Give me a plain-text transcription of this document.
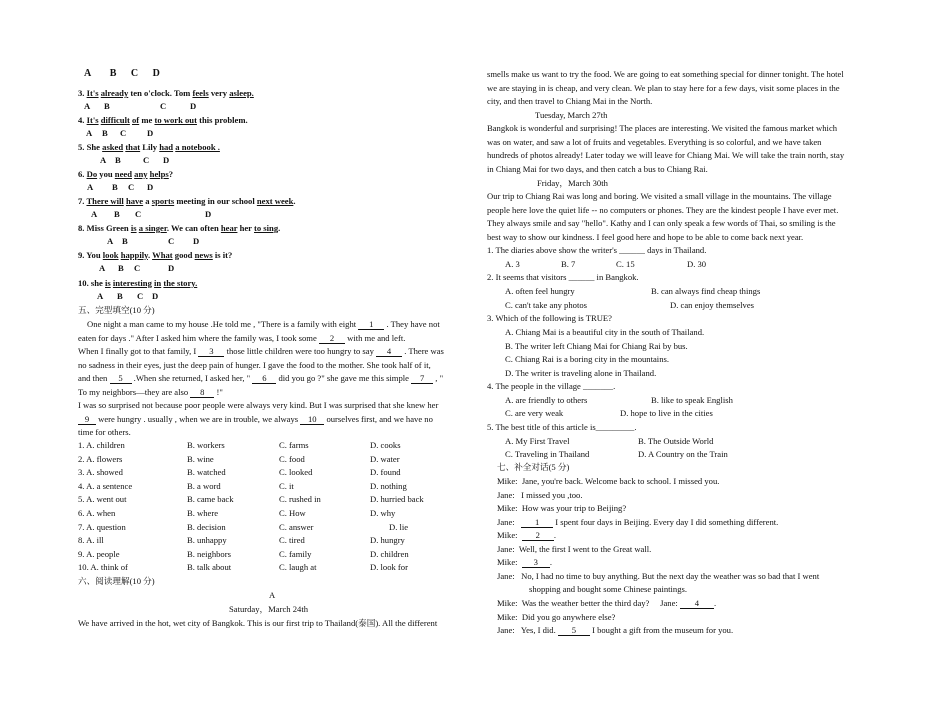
A B C D
3. It's already ten o'clock. Tom feels very asleep.
A B	C	D
4. It's difficult of me to work out this problem.
A B C D
5. She asked that Lily had a notebook .
A B	C D
6. Do you need any helps?
A B C D
7. There will have a sports meeting in our school next week.
A B C	D
8. Miss Green is a singer. We can often hear her to sing.
A B	C D
9. You look happily. What good news is it?
A B C	D
10. she is interesting in the story.
A B C D
五、完型填空(10 分)
One night a man came to my house .He told me , "There is a family with eight 1 . They have not
eaten for days ." After I asked him where the family was, I took some 2 with me and left.
When I finally got to that family, I 3 those little children were too hungry to say 4 . There was
no sadness in their eyes, just the deep pain of hunger. I gave the food to the mother. She took half of it,
and then 5 .When she returned, I asked her, " 6 did you go ?" she gave me this simple 7 , "
To my neighbors—they are also 8 !"
I was so surprised not because poor people were always very kind. But I was surprised that she knew her
9 were hungry . usually , when we are in trouble, we always 10 ourselves first, and we have no
time for others.
1. A. children	B. workers	C. farms	D. cooks
2. A. flowers	B. wine	C. food	D. water
3. A. showed	B. watched	C. looked	D. found
4. A. a sentence	B. a word	C. it	D. nothing
5. A. went out	B. came back	C. rushed in	D. hurried back
6. A. when	B. where	C. How	D. why
7. A. question	B. decision	C. answer	D. lie
8. A. ill	B. unhappy	C. tired	D. hungry
9. A. people	B. neighbors	C. family	D. children
10. A. think of	B. talk about	C. laugh at	D. look for
六、阅读理解(10 分)
A
Saturday，March 24th
We have arrived in the hot, wet city of Bangkok. This is our first trip to Thailand(泰国). All the different
smells make us want to try the food. We are going to eat something special for dinner tonight. The hotel
we are staying in is cheap, and very clean. We plan to stay here for a few days, visit some places in the
city, and then travel to Chiang Mai in the North.
Tuesday, March 27th
Bangkok is wonderful and surprising! The places are interesting. We visited the famous market which
was on water, and saw a lot of fruits and vegetables. Everything is so colorful, and we have taken
hundreds of photos already! Later today we will leave for Chiang Mai. We will take the train north, stay
in Chiang Mai for two days, and then catch a bus to Chiang Rai.
Friday，March 30th
Our trip to Chiang Rai was long and boring. We visited a small village in the mountains. The village
people here love the quiet life -- no computers or phones. They are the kindest people I have ever met.
They always smile and say "hello". Kathy and I can only speak a few words of Thai, so smiling is the
best way to show our kindness. I feel good here and hope to be able to come back next year.
1. The diaries above show the writer's ______ days in Thailand.
A. 3	B. 7	C. 15	D. 30
2. It seems that visitors ______ in Bangkok.
A. often feel hungry	B. can always find cheap things
C. can't take any photos	D. can enjoy themselves
3. Which of the following is TRUE?
A. Chiang Mai is a beautiful city in the south of Thailand.
B. The writer left Chiang Mai for Chiang Rai by bus.
C. Chiang Rai is a boring city in the mountains.
D. The writer is traveling alone in Thailand.
4. The people in the village _______.
A. are friendly to others	B. like to speak English
C. are very weak	D. hope to live in the cities
5. The best title of this article is_________.
A. My First Travel	B. The Outside World
C. Traveling in Thailand	D. A Country on the Train
七、补全对话(5 分)
Mike: Jane, you're back. Welcome back to school. I missed you.
Jane: I missed you ,too.
Mike: How was your trip to Beijing?
Jane: 1 I spent four days in Beijing. Every day I did something different.
Mike: 2 .
Jane: Well, the first I went to the Great wall.
Mike: 3 .
Jane: No, I had no time to buy anything. But the next day the weather was so bad that I went
shopping and bought some Chinese paintings.
Mike: Was the weather better the third day? Jane: 4 .
Mike: Did you go anywhere else?
Jane: Yes, I did. 5 I bought a gift from the museum for you.
